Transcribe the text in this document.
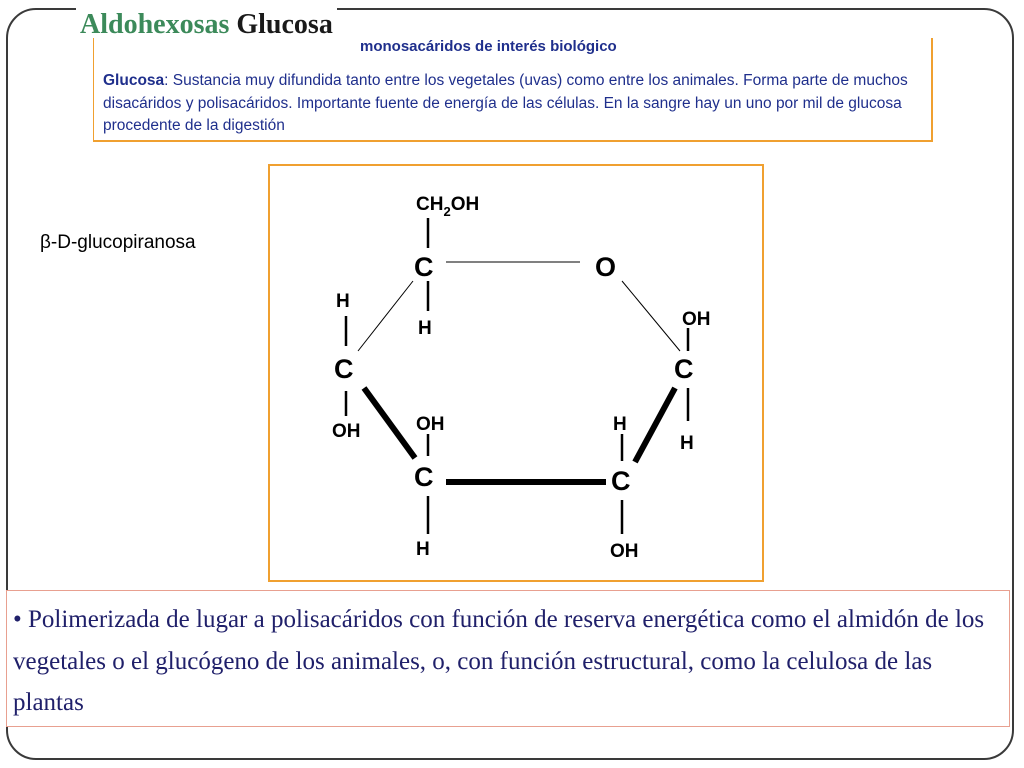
Aldohexosas Glucosa
monosacáridos de interés biológico
Glucosa: Sustancia muy difundida tanto entre los vegetales (uvas) como entre los animales. Forma parte de muchos disacáridos y polisacáridos. Importante fuente de energía de las células. En la sangre hay un uno por mil de glucosa procedente de la digestión
β-D-glucopiranosa
$CH_2OH$
C
H
O
H
C
OH	OH
C
H
H
C
OH
OH
C
H

• Polimerizada de lugar a polisacáridos con función de reserva energética como el almidón de los vegetales o el glucógeno de los animales, o, con función estructural, como la celulosa de las plantas
